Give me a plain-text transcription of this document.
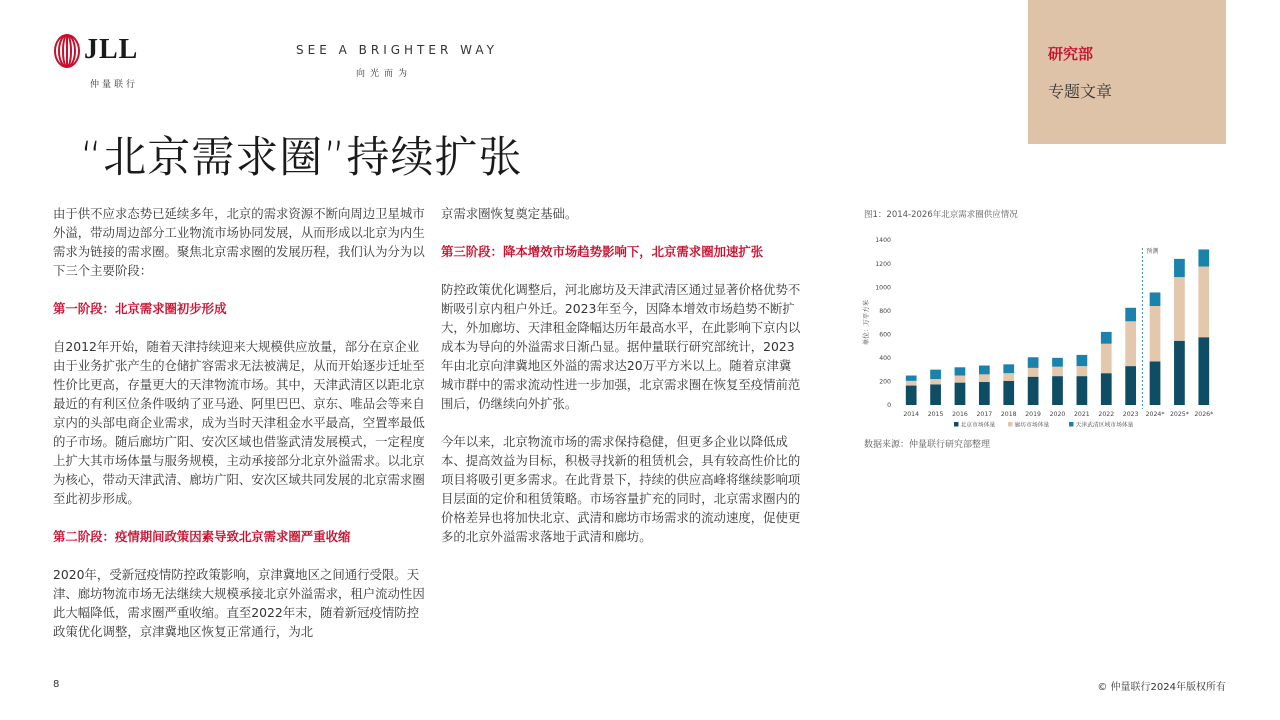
JLL
仲量联行
SEE A BRIGHTER WAY
向光而为
研究部
专题文章
“北京需求圈”持续扩张

由于供不应求态势已延续多年，北京的需求资源不断向周边卫星城市外溢，带动周边部分工业物流市场协同发展，从而形成以北京为内生需求为链接的需求圈。聚焦北京需求圈的发展历程，我们认为分为以下三个主要阶段：

第一阶段：北京需求圈初步形成

自2012年开始，随着天津持续迎来大规模供应放量，部分在京企业由于业务扩张产生的仓储扩容需求无法被满足，从而开始逐步迁址至性价比更高，存量更大的天津物流市场。其中，天津武清区以距北京最近的有利区位条件吸纳了亚马逊、阿里巴巴、京东、唯品会等来自京内的头部电商企业需求，成为当时天津租金水平最高，空置率最低的子市场。随后廊坊广阳、安次区域也借鉴武清发展模式，一定程度上扩大其市场体量与服务规模，主动承接部分北京外溢需求。以北京为核心，带动天津武清、廊坊广阳、安次区域共同发展的北京需求圈至此初步形成。

第二阶段：疫情期间政策因素导致北京需求圈严重收缩

2020年，受新冠疫情防控政策影响，京津冀地区之间通行受限。天津、廊坊物流市场无法继续大规模承接北京外溢需求，租户流动性因此大幅降低，需求圈严重收缩。直至2022年末，随着新冠疫情防控政策优化调整，京津冀地区恢复正常通行，为北

京需求圈恢复奠定基础。

第三阶段：降本增效市场趋势影响下，北京需求圈加速扩张

防控政策优化调整后，河北廊坊及天津武清区通过显著价格优势不断吸引京内租户外迁。2023年至今，因降本增效市场趋势不断扩大，外加廊坊、天津租金降幅达历年最高水平，在此影响下京内以成本为导向的外溢需求日渐凸显。据仲量联行研究部统计，2023年由北京向津冀地区外溢的需求达20万平方米以上。随着京津冀城市群中的需求流动性进一步加强，北京需求圈在恢复至疫情前范围后，仍继续向外扩张。

今年以来，北京物流市场的需求保持稳健，但更多企业以降低成本、提高效益为目标，积极寻找新的租赁机会，具有较高性价比的项目将吸引更多需求。在此背景下，持续的供应高峰将继续影响项目层面的定价和租赁策略。市场容量扩充的同时，北京需求圈内的价格差异也将加快北京、武清和廊坊市场需求的流动速度，促使更多的北京外溢需求落地于武清和廊坊。

图1：2014-2026年北京需求圈供应情况
单位：万平方米
0
200
400
600
800
1000
1200
1400
2014 2015 2016 2017 2018 2019 2020 2021 2022 2023 2024* 2025* 2026*
预测
北京市场体量	廊坊市场体量	天津武清区域市场体量
数据来源：仲量联行研究部整理
8	© 仲量联行2024年版权所有
